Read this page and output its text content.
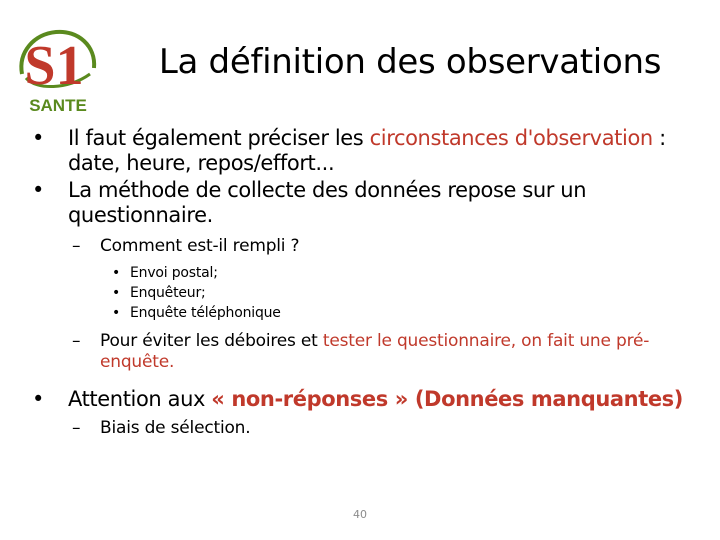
S1
SANTE
La définition des observations
• Il faut également préciser les circonstances d'observation : date, heure, repos/effort...
• La méthode de collecte des données repose sur un questionnaire.
– Comment est-il rempli ?
• Envoi postal;
• Enquêteur;
• Enquête téléphonique
– Pour éviter les déboires et tester le questionnaire, on fait une pré-enquête.
• Attention aux « non-réponses » (Données manquantes)
– Biais de sélection.
40
